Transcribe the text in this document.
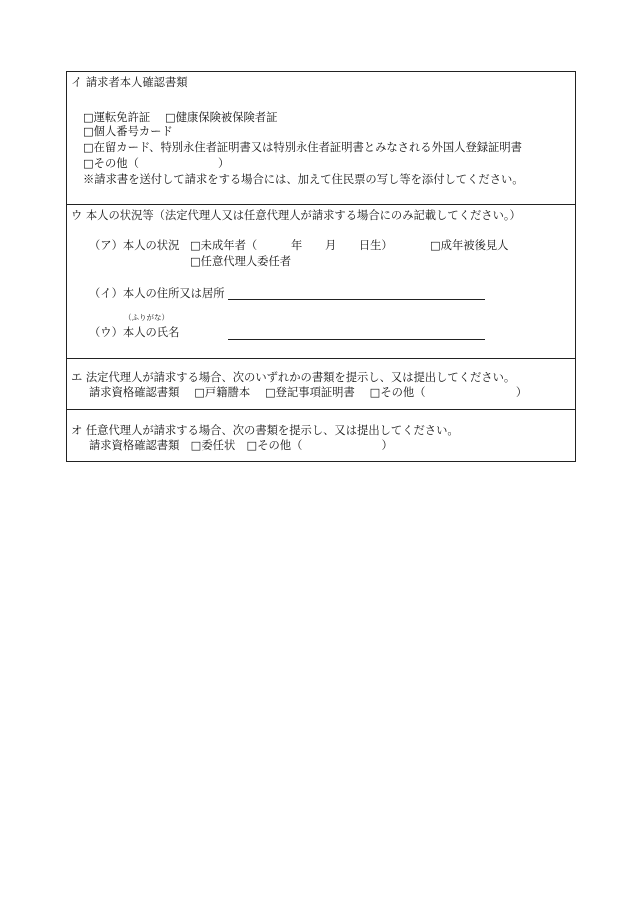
イ 請求者本人確認書類
□運転免許証　 □健康保険被保険者証
□個人番号カード
□在留カード、特別永住者証明書又は特別永住者証明書とみなされる外国人登録証明書
□その他（　　　　　　　）
※請求書を送付して請求をする場合には、加えて住民票の写し等を添付してください。
ウ 本人の状況等（法定代理人又は任意代理人が請求する場合にのみ記載してください。）
（ア）本人の状況 □未成年者（　　　年　　月　　日生）	□成年被後見人
□任意代理人委任者
（イ）本人の住所又は居所
（ふりがな）
（ウ）本人の氏名
エ 法定代理人が請求する場合、次のいずれかの書類を提示し、又は提出してください。
請求資格確認書類　 □戸籍謄本　 □登記事項証明書　 □その他（　　　　　　　　）
オ 任意代理人が請求する場合、次の書類を提示し、又は提出してください。
請求資格確認書類　□委任状　□その他（　　　　　　　）
